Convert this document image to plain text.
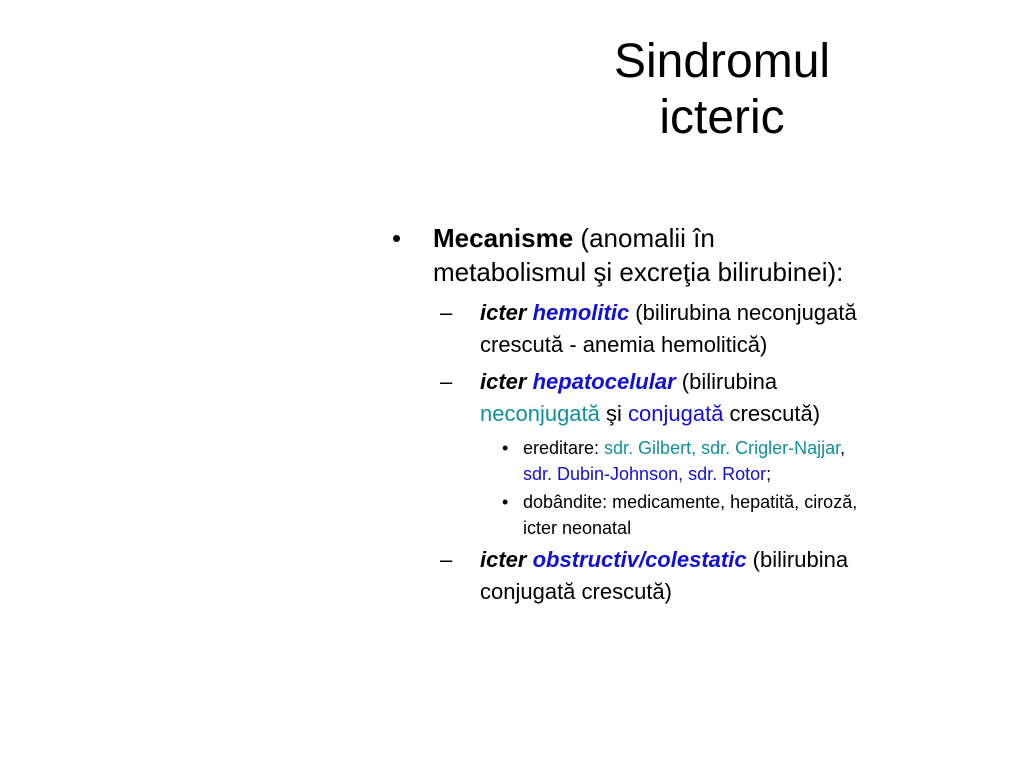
Sindromul
icteric
• Mecanisme (anomalii în
metabolismul şi excreţia bilirubinei):
– icter hemolitic (bilirubina neconjugată
crescută - anemia hemolitică)
– icter hepatocelular (bilirubina
neconjugată şi conjugată crescută)
• ereditare: sdr. Gilbert, sdr. Crigler-Najjar,
sdr. Dubin-Johnson, sdr. Rotor;
• dobândite: medicamente, hepatită, ciroză,
icter neonatal
– icter obstructiv/colestatic (bilirubina
conjugată crescută)
